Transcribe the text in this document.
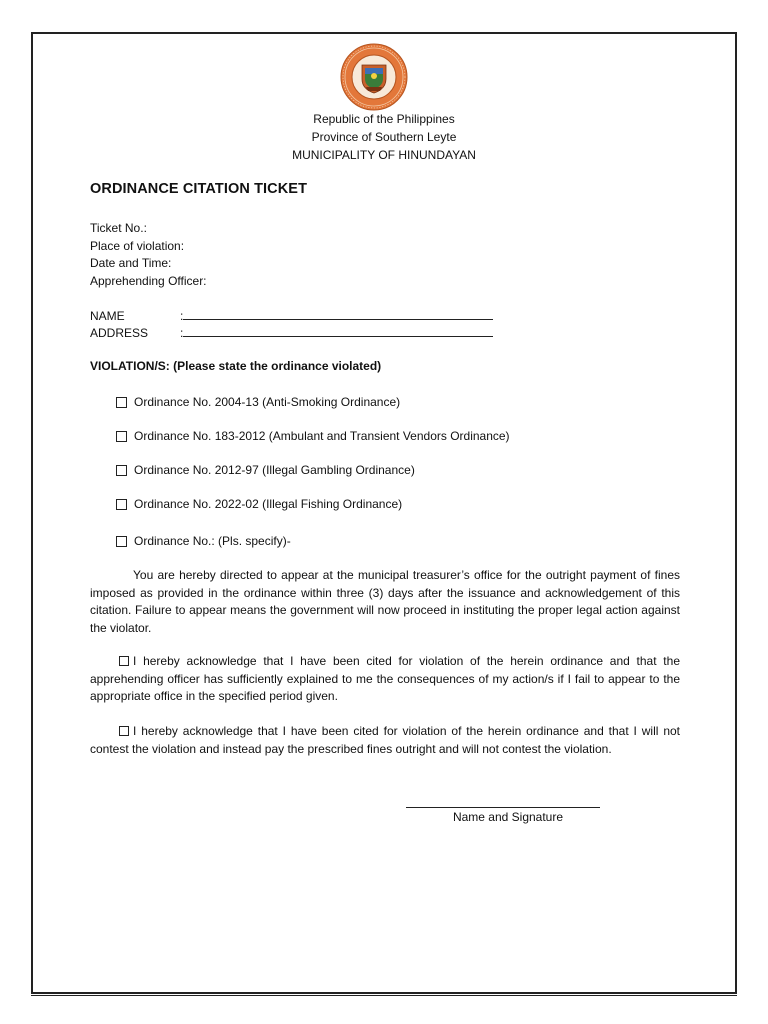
Republic of the Philippines
Province of Southern Leyte
MUNICIPALITY OF HINUNDAYAN
ORDINANCE CITATION TICKET
Ticket No.:
Place of violation:
Date and Time:
Apprehending Officer:
NAME	:
ADDRESS	:
VIOLATION/S: (Please state the ordinance violated)
Ordinance No. 2004-13 (Anti-Smoking Ordinance)
Ordinance No. 183-2012 (Ambulant and Transient Vendors Ordinance)
Ordinance No. 2012-97 (Illegal Gambling Ordinance)
Ordinance No. 2022-02 (Illegal Fishing Ordinance)
Ordinance No.: (Pls. specify)-
You are hereby directed to appear at the municipal treasurer’s office for the outright payment of fines imposed as provided in the ordinance within three (3) days after the issuance and acknowledgement of this citation. Failure to appear means the government will now proceed in instituting the proper legal action against the violator.
I hereby acknowledge that I have been cited for violation of the herein ordinance and that the apprehending officer has sufficiently explained to me the consequences of my action/s if I fail to appear to the appropriate office in the specified period given.
I hereby acknowledge that I have been cited for violation of the herein ordinance and that I will not contest the violation and instead pay the prescribed fines outright and will not contest the violation.
Name and Signature
